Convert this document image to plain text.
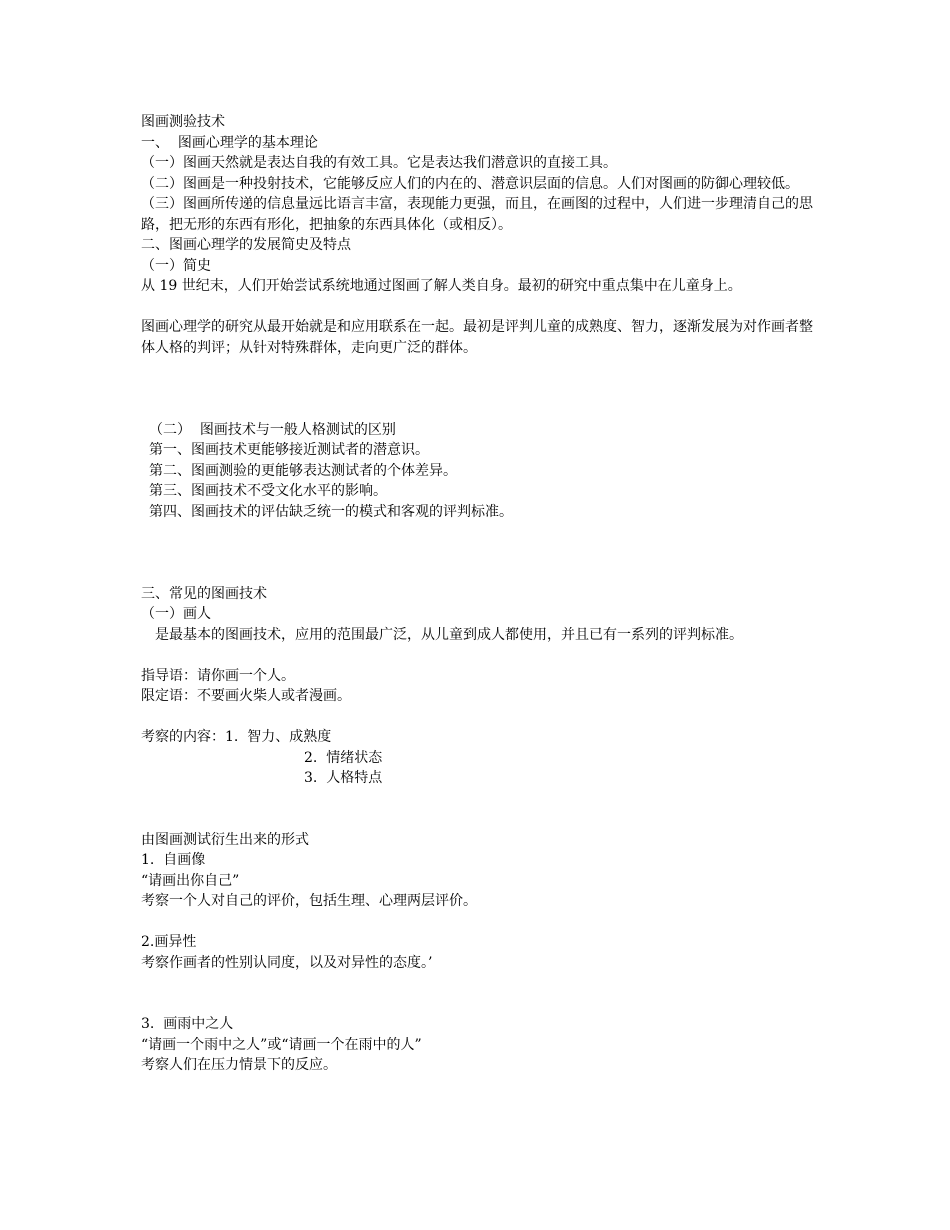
图画测验技术
一、  图画心理学的基本理论
（一）图画天然就是表达自我的有效工具。它是表达我们潜意识的直接工具。
（二）图画是一种投射技术，它能够反应人们的内在的、潜意识层面的信息。人们对图画的防御心理较低。
（三）图画所传递的信息量远比语言丰富，表现能力更强，而且，在画图的过程中，人们进一步理清自己的思路，把无形的东西有形化，把抽象的东西具体化（或相反）。
二、图画心理学的发展简史及特点
（一）简史
从 19 世纪末，人们开始尝试系统地通过图画了解人类自身。最初的研究中重点集中在儿童身上。
图画心理学的研究从最开始就是和应用联系在一起。最初是评判儿童的成熟度、智力，逐渐发展为对作画者整体人格的判评；从针对特殊群体，走向更广泛的群体。
（二）  图画技术与一般人格测试的区别
第一、图画技术更能够接近测试者的潜意识。
第二、图画测验的更能够表达测试者的个体差异。
第三、图画技术不受文化水平的影响。
第四、图画技术的评估缺乏统一的模式和客观的评判标准。
三、常见的图画技术
（一）画人
是最基本的图画技术，应用的范围最广泛，从儿童到成人都使用，并且已有一系列的评判标准。
指导语：请你画一个人。
限定语：不要画火柴人或者漫画。
考察的内容：1.  智力、成熟度
2.  情绪状态
3.  人格特点
由图画测试衍生出来的形式
1.  自画像
“请画出你自己”
考察一个人对自己的评价，包括生理、心理两层评价。
2.画异性
考察作画者的性别认同度，以及对异性的态度。’
3.  画雨中之人
“请画一个雨中之人”或“请画一个在雨中的人”
考察人们在压力情景下的反应。
